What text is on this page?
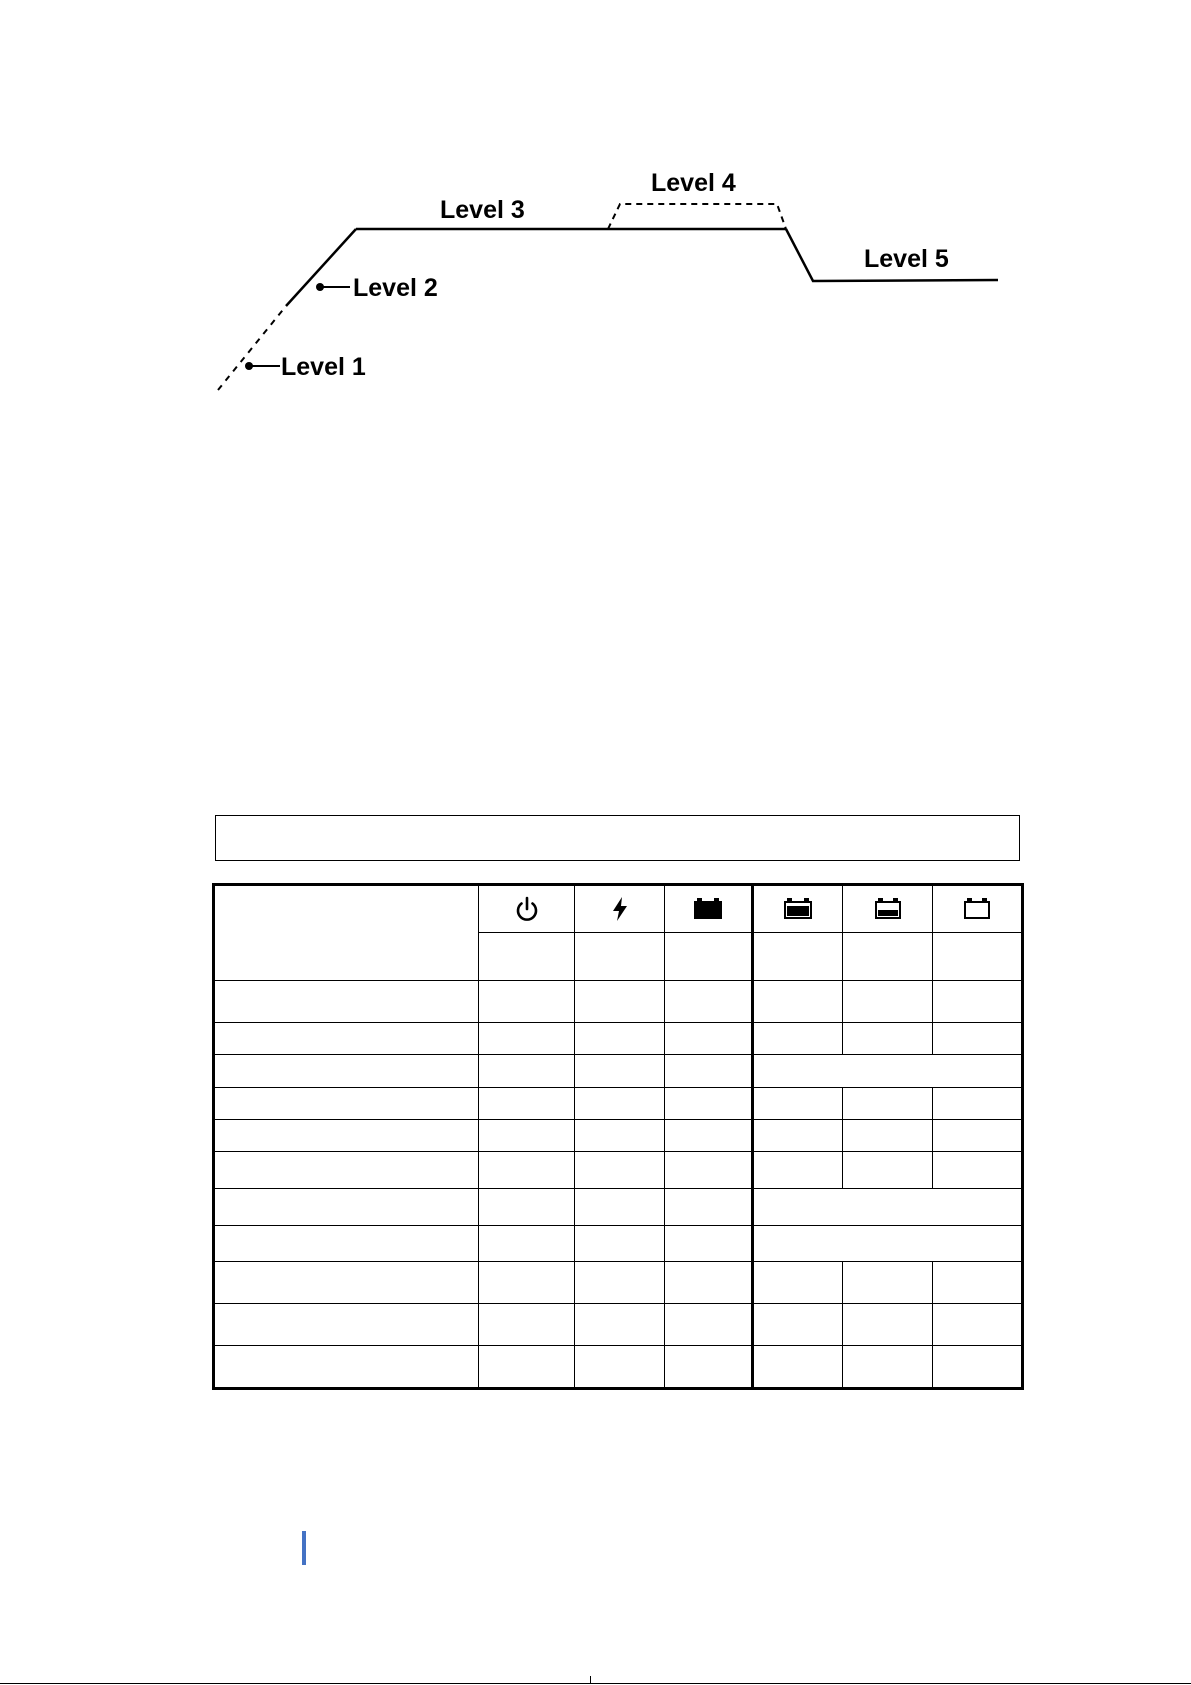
Level 1
Level 2
Level 3
Level 4
Level 5
